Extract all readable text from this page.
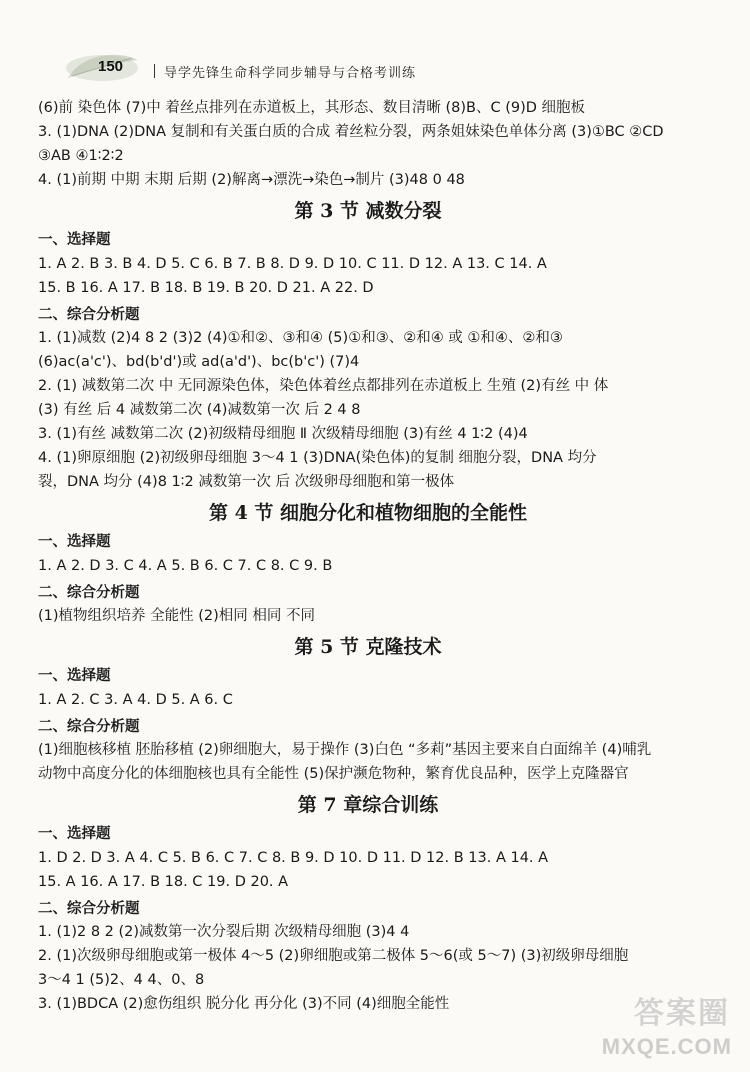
150	导学先锋生命科学同步辅导与合格考训练
(6)前 染色体 (7)中 着丝点排列在赤道板上，其形态、数目清晰 (8)B、C (9)D 细胞板
3. (1)DNA (2)DNA 复制和有关蛋白质的合成 着丝粒分裂，两条姐妹染色单体分离 (3)①BC ②CD
③AB ④1∶2∶2
4. (1)前期 中期 末期 后期 (2)解离→漂洗→染色→制片 (3)48 0 48
第 3 节 减数分裂
一、选择题
1. A 2. B 3. B 4. D 5. C 6. B 7. B 8. D 9. D 10. C 11. D 12. A 13. C 14. A
15. B 16. A 17. B 18. B 19. B 20. D 21. A 22. D
二、综合分析题
1. (1)减数 (2)4 8 2 (3)2 (4)①和②、③和④ (5)①和③、②和④ 或 ①和④、②和③
(6)ac(a'c')、bd(b'd')或 ad(a'd')、bc(b'c') (7)4
2. (1) 减数第二次 中 无同源染色体，染色体着丝点都排列在赤道板上 生殖 (2)有丝 中 体
(3) 有丝 后 4 减数第二次 (4)减数第一次 后 2 4 8
3. (1)有丝 减数第二次 (2)初级精母细胞 Ⅱ 次级精母细胞 (3)有丝 4 1∶2 (4)4
4. (1)卵原细胞 (2)初级卵母细胞 3～4 1 (3)DNA(染色体)的复制 细胞分裂，DNA 均分
裂，DNA 均分 (4)8 1∶2 减数第一次 后 次级卵母细胞和第一极体
第 4 节 细胞分化和植物细胞的全能性
一、选择题
1. A 2. D 3. C 4. A 5. B 6. C 7. C 8. C 9. B
二、综合分析题
(1)植物组织培养 全能性 (2)相同 相同 不同
第 5 节 克隆技术
一、选择题
1. A 2. C 3. A 4. D 5. A 6. C
二、综合分析题
(1)细胞核移植 胚胎移植 (2)卵细胞大，易于操作 (3)白色 “多莉”基因主要来自白面绵羊 (4)哺乳
动物中高度分化的体细胞核也具有全能性 (5)保护濒危物种，繁育优良品种，医学上克隆器官
第 7 章综合训练
一、选择题
1. D 2. D 3. A 4. C 5. B 6. C 7. C 8. B 9. D 10. D 11. D 12. B 13. A 14. A
15. A 16. A 17. B 18. C 19. D 20. A
二、综合分析题
1. (1)2 8 2 (2)减数第一次分裂后期 次级精母细胞 (3)4 4
2. (1)次级卵母细胞或第一极体 4～5 (2)卵细胞或第二极体 5～6(或 5～7) (3)初级卵母细胞
3～4 1 (5)2、4 4、0、8
3. (1)BDCA (2)愈伤组织 脱分化 再分化 (3)不同 (4)细胞全能性	答案圈
MXQE.COM
